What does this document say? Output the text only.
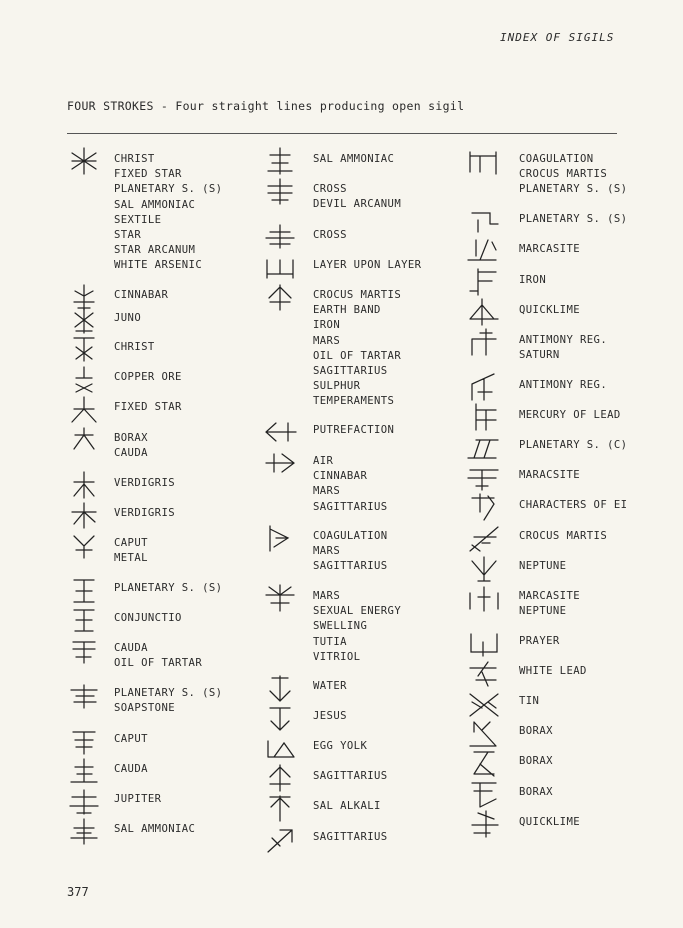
INDEX OF SIGILS
FOUR STROKES - Four straight lines producing open sigil
377
CHRIST
FIXED STAR
PLANETARY S. (S)
SAL AMMONIAC
SEXTILE
STAR
STAR ARCANUM
WHITE ARSENIC
CINNABAR
JUNO
CHRIST
COPPER ORE
FIXED STAR
BORAX
CAUDA
VERDIGRIS
VERDIGRIS
CAPUT
METAL
PLANETARY S. (S)
CONJUNCTIO
CAUDA
OIL OF TARTAR
PLANETARY S. (S)
SOAPSTONE
CAPUT
CAUDA
JUPITER
SAL AMMONIAC
SAL AMMONIAC
CROSS
DEVIL ARCANUM
CROSS
LAYER UPON LAYER
CROCUS MARTIS
EARTH BAND
IRON
MARS
OIL OF TARTAR
SAGITTARIUS
SULPHUR
TEMPERAMENTS
PUTREFACTION
AIR
CINNABAR
MARS
SAGITTARIUS
COAGULATION
MARS
SAGITTARIUS
MARS
SEXUAL ENERGY
SWELLING
TUTIA
VITRIOL
WATER
JESUS
EGG YOLK
SAGITTARIUS
SAL ALKALI
SAGITTARIUS
COAGULATION
CROCUS MARTIS
PLANETARY S. (S)
PLANETARY S. (S)
MARCASITE
IRON
QUICKLIME
ANTIMONY REG.
SATURN
ANTIMONY REG.
MERCURY OF LEAD
PLANETARY S. (C)
MARACSITE
CHARACTERS OF EI
CROCUS MARTIS
NEPTUNE
MARCASITE
NEPTUNE
PRAYER
WHITE LEAD
TIN
BORAX
BORAX
BORAX
QUICKLIME
